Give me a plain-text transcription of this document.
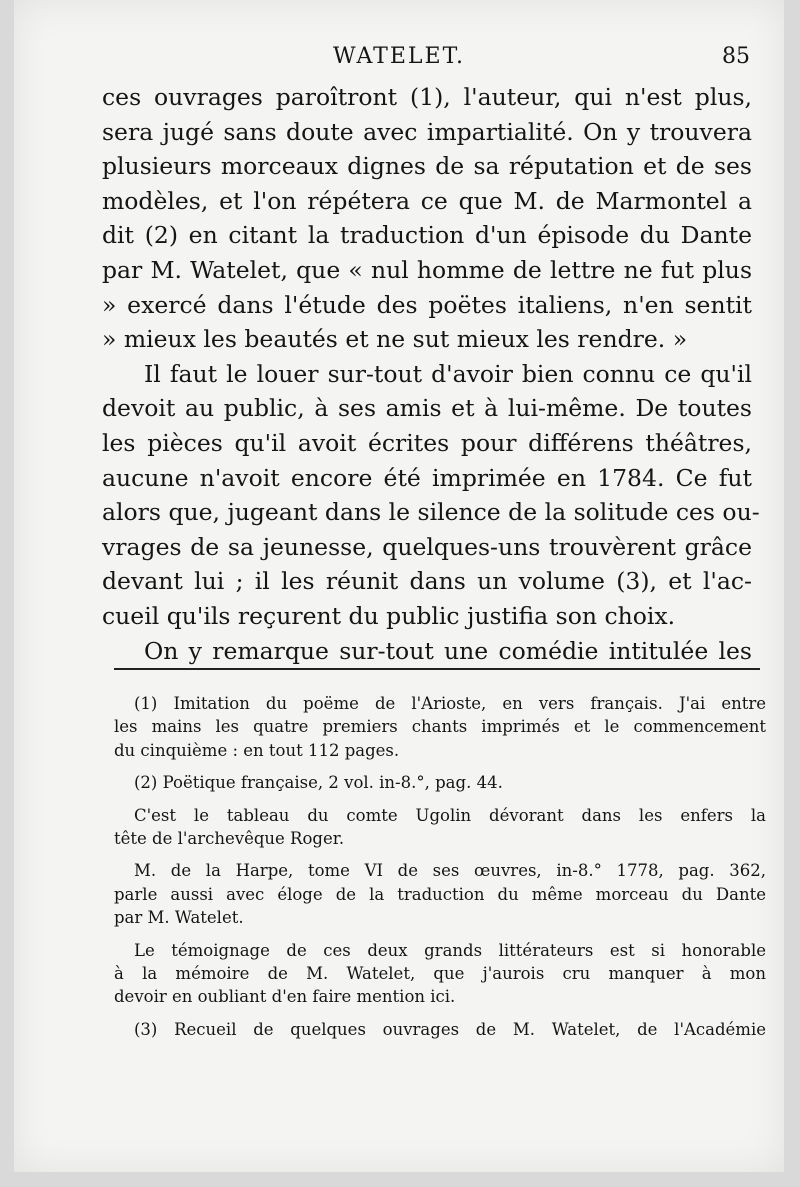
WATELET.	85
ces ouvrages paroîtront (1), l'auteur, qui n'est plus,
sera jugé sans doute avec impartialité. On y trouvera
plusieurs morceaux dignes de sa réputation et de ses
modèles, et l'on répétera ce que M. de Marmontel a
dit (2) en citant la traduction d'un épisode du Dante
par M. Watelet, que « nul homme de lettre ne fut plus
» exercé dans l'étude des poëtes italiens, n'en sentit
» mieux les beautés et ne sut mieux les rendre. »
Il faut le louer sur-tout d'avoir bien connu ce qu'il
devoit au public, à ses amis et à lui-même. De toutes
les pièces qu'il avoit écrites pour différens théâtres,
aucune n'avoit encore été imprimée en 1784. Ce fut
alors que, jugeant dans le silence de la solitude ces ou-
vrages de sa jeunesse, quelques-uns trouvèrent grâce
devant lui ; il les réunit dans un volume (3), et l'ac-
cueil qu'ils reçurent du public justifia son choix.
On y remarque sur-tout une comédie intitulée les
(1) Imitation du poëme de l'Arioste, en vers français. J'ai entre
les mains les quatre premiers chants imprimés et le commencement
du cinquième : en tout 112 pages.
(2) Poëtique française, 2 vol. in-8.°, pag. 44.
C'est le tableau du comte Ugolin dévorant dans les enfers la
tête de l'archevêque Roger.
M. de la Harpe, tome VI de ses œuvres, in-8.° 1778, pag. 362,
parle aussi avec éloge de la traduction du même morceau du Dante
par M. Watelet.
Le témoignage de ces deux grands littérateurs est si honorable
à la mémoire de M. Watelet, que j'aurois cru manquer à mon
devoir en oubliant d'en faire mention ici.
(3) Recueil de quelques ouvrages de M. Watelet, de l'Académie
